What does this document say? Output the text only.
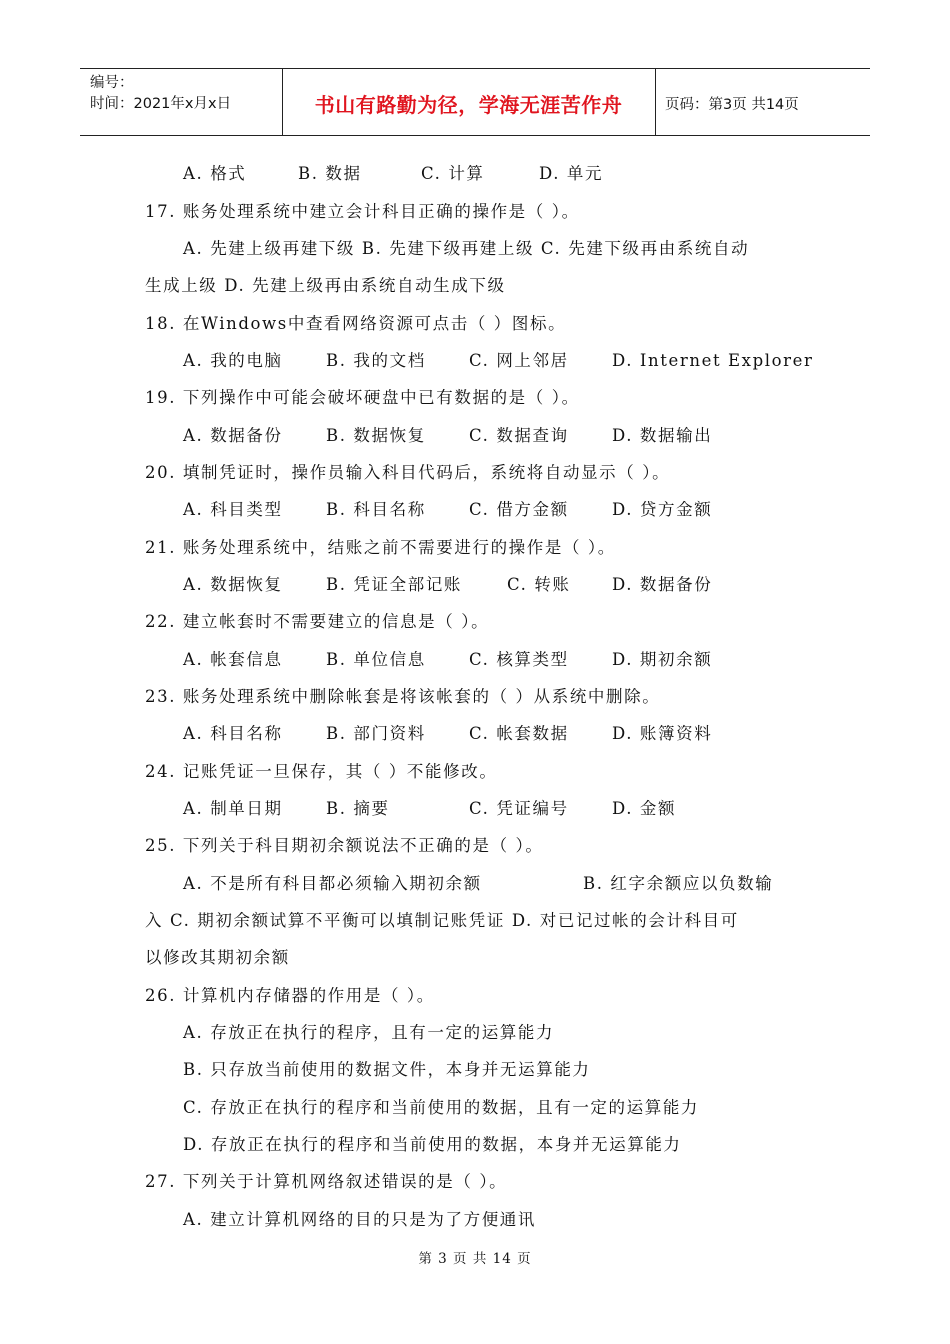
编号：
时间：2021年x月x日	书山有路勤为径，学海无涯苦作舟	页码：第3页 共14页
A. 格式	B. 数据	C. 计算	D. 单元
17. 账务处理系统中建立会计科目正确的操作是（ ）。
A. 先建上级再建下级 B. 先建下级再建上级 C. 先建下级再由系统自动
生成上级 D. 先建上级再由系统自动生成下级
18. 在Windows中查看网络资源可点击（ ）图标。
A. 我的电脑	B. 我的文档	C. 网上邻居	D. Internet Explorer
19. 下列操作中可能会破坏硬盘中已有数据的是（ ）。
A. 数据备份	B. 数据恢复	C. 数据查询	D. 数据输出
20. 填制凭证时，操作员输入科目代码后，系统将自动显示（ ）。
A. 科目类型	B. 科目名称	C. 借方金额	D. 贷方金额
21. 账务处理系统中，结账之前不需要进行的操作是（ ）。
A. 数据恢复	B. 凭证全部记账	C. 转账	D. 数据备份
22. 建立帐套时不需要建立的信息是（ ）。
A. 帐套信息	B. 单位信息	C. 核算类型	D. 期初余额
23. 账务处理系统中删除帐套是将该帐套的（ ）从系统中删除。
A. 科目名称	B. 部门资料	C. 帐套数据	D. 账簿资料
24. 记账凭证一旦保存，其（ ）不能修改。
A. 制单日期	B. 摘要	C. 凭证编号	D. 金额
25. 下列关于科目期初余额说法不正确的是（ ）。
A. 不是所有科目都必须输入期初余额	B. 红字余额应以负数输
入 C. 期初余额试算不平衡可以填制记账凭证 D. 对已记过帐的会计科目可
以修改其期初余额
26. 计算机内存储器的作用是（ ）。
A. 存放正在执行的程序，且有一定的运算能力
B. 只存放当前使用的数据文件，本身并无运算能力
C. 存放正在执行的程序和当前使用的数据，且有一定的运算能力
D. 存放正在执行的程序和当前使用的数据，本身并无运算能力
27. 下列关于计算机网络叙述错误的是（ ）。
A. 建立计算机网络的目的只是为了方便通讯
第 3 页 共 14 页
